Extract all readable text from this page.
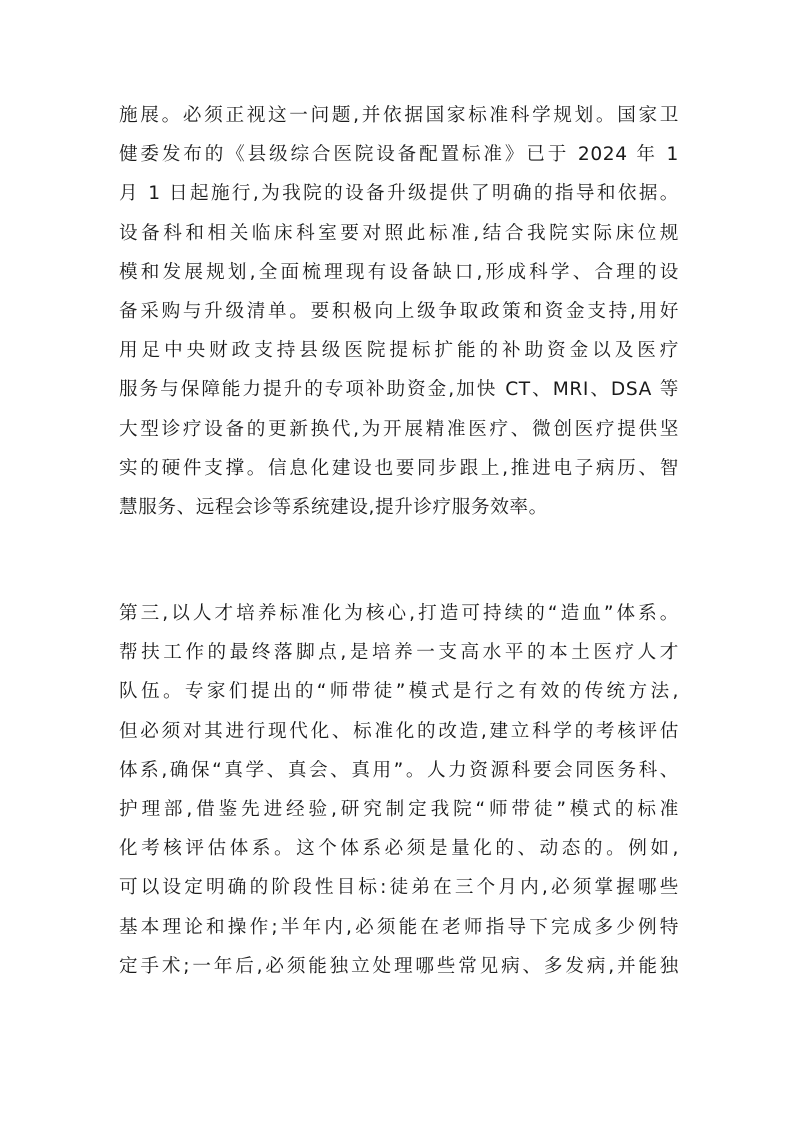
施展。必须正视这一问题,并依据国家标准科学规划。国家卫
健委发布的《县级综合医院设备配置标准》已于 2024 年 1
月 1 日起施行,为我院的设备升级提供了明确的指导和依据。
设备科和相关临床科室要对照此标准,结合我院实际床位规
模和发展规划,全面梳理现有设备缺口,形成科学、合理的设
备采购与升级清单。要积极向上级争取政策和资金支持,用好
用足中央财政支持县级医院提标扩能的补助资金以及医疗
服务与保障能力提升的专项补助资金,加快 CT、MRI、DSA 等
大型诊疗设备的更新换代,为开展精准医疗、微创医疗提供坚
实的硬件支撑。信息化建设也要同步跟上,推进电子病历、智
慧服务、远程会诊等系统建设,提升诊疗服务效率。
第三,以人才培养标准化为核心,打造可持续的“造血”体系。
帮扶工作的最终落脚点,是培养一支高水平的本土医疗人才
队伍。专家们提出的“师带徒”模式是行之有效的传统方法,
但必须对其进行现代化、标准化的改造,建立科学的考核评估
体系,确保“真学、真会、真用”。人力资源科要会同医务科、
护理部,借鉴先进经验,研究制定我院“师带徒”模式的标准
化考核评估体系。这个体系必须是量化的、动态的。例如,
可以设定明确的阶段性目标:徒弟在三个月内,必须掌握哪些
基本理论和操作;半年内,必须能在老师指导下完成多少例特
定手术;一年后,必须能独立处理哪些常见病、多发病,并能独
